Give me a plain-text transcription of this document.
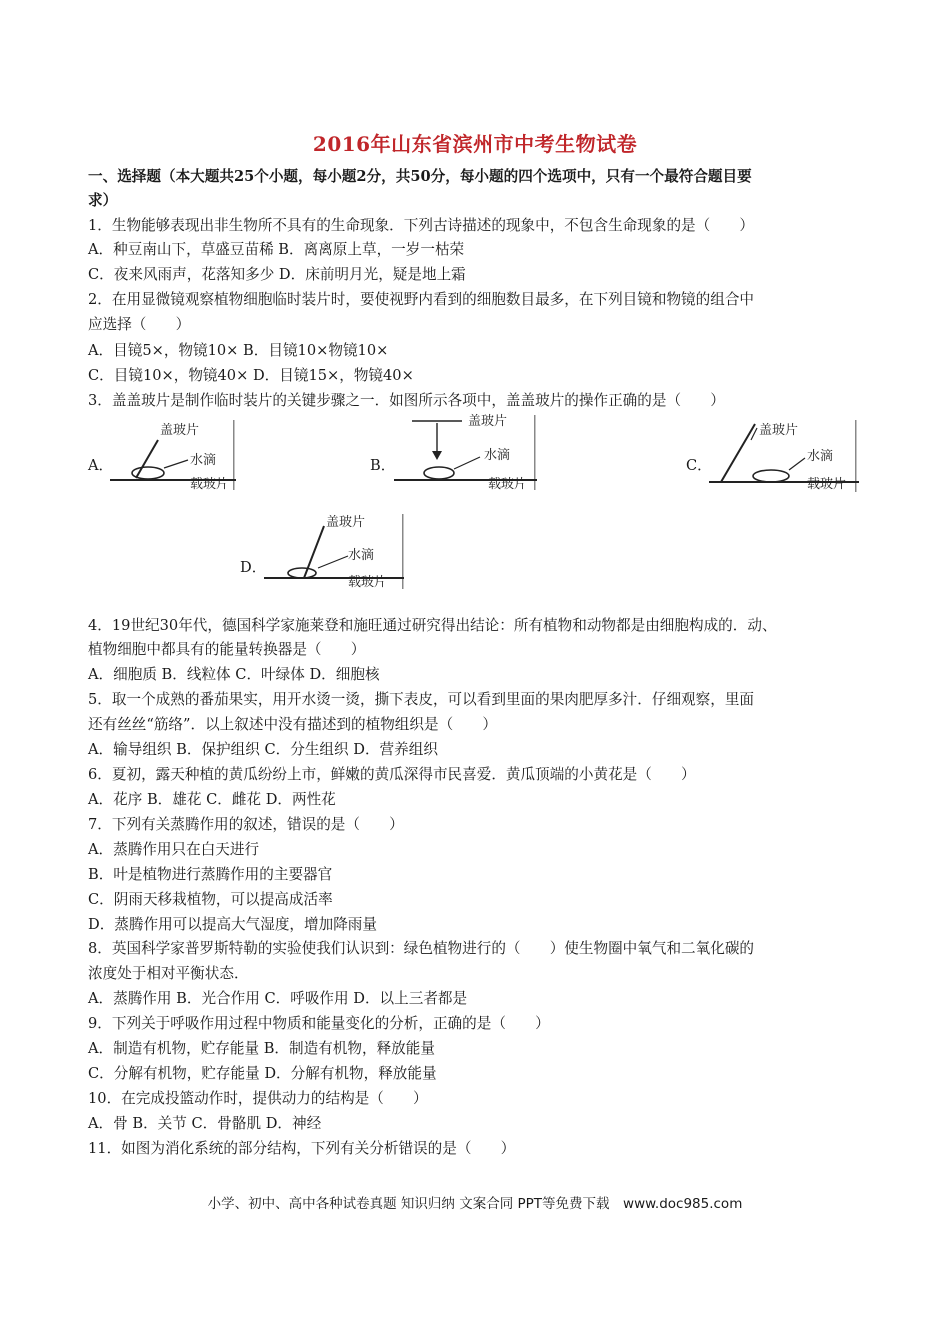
2016年山东省滨州市中考生物试卷
一、选择题（本大题共25个小题，每小题2分，共50分，每小题的四个选项中，只有一个最符合题目要
求）
1．生物能够表现出非生物所不具有的生命现象．下列古诗描述的现象中，不包含生命现象的是（　　）
A．种豆南山下，草盛豆苗稀 B．离离原上草，一岁一枯荣
C．夜来风雨声，花落知多少 D．床前明月光，疑是地上霜
2．在用显微镜观察植物细胞临时装片时，要使视野内看到的细胞数目最多，在下列目镜和物镜的组合中
应选择（　　）
A．目镜5×，物镜10× B．目镜10×物镜10×
C．目镜10×，物镜40× D．目镜15×，物镜40×
3．盖盖玻片是制作临时装片的关键步骤之一．如图所示各项中，盖盖玻片的操作正确的是（　　）
A．
盖玻片
水滴
载玻片
B．
盖玻片
水滴
载玻片
C．
盖玻片
水滴
载玻片
D．
盖玻片
水滴
载玻片
4．19世纪30年代，德国科学家施莱登和施旺通过研究得出结论：所有植物和动物都是由细胞构成的．动、
植物细胞中都具有的能量转换器是（　　）
A．细胞质 B．线粒体 C．叶绿体 D．细胞核
5．取一个成熟的番茄果实，用开水烫一烫，撕下表皮，可以看到里面的果肉肥厚多汁．仔细观察，里面
还有丝丝“筋络”．以上叙述中没有描述到的植物组织是（　　）
A．输导组织 B．保护组织 C．分生组织 D．营养组织
6．夏初，露天种植的黄瓜纷纷上市，鲜嫩的黄瓜深得市民喜爱．黄瓜顶端的小黄花是（　　）
A．花序 B．雄花 C．雌花 D．两性花
7．下列有关蒸腾作用的叙述，错误的是（　　）
A．蒸腾作用只在白天进行
B．叶是植物进行蒸腾作用的主要器官
C．阴雨天移栽植物，可以提高成活率
D．蒸腾作用可以提高大气湿度，增加降雨量
8．英国科学家普罗斯特勒的实验使我们认识到：绿色植物进行的（　　）使生物圈中氧气和二氧化碳的
浓度处于相对平衡状态．
A．蒸腾作用 B．光合作用 C．呼吸作用 D．以上三者都是
9．下列关于呼吸作用过程中物质和能量变化的分析，正确的是（　　）
A．制造有机物，贮存能量 B．制造有机物，释放能量
C．分解有机物，贮存能量 D．分解有机物，释放能量
10．在完成投篮动作时，提供动力的结构是（　　）
A．骨 B．关节 C．骨骼肌 D．神经
11．如图为消化系统的部分结构，下列有关分析错误的是（　　）
小学、初中、高中各种试卷真题 知识归纳 文案合同 PPT等免费下载　www.doc985.com
